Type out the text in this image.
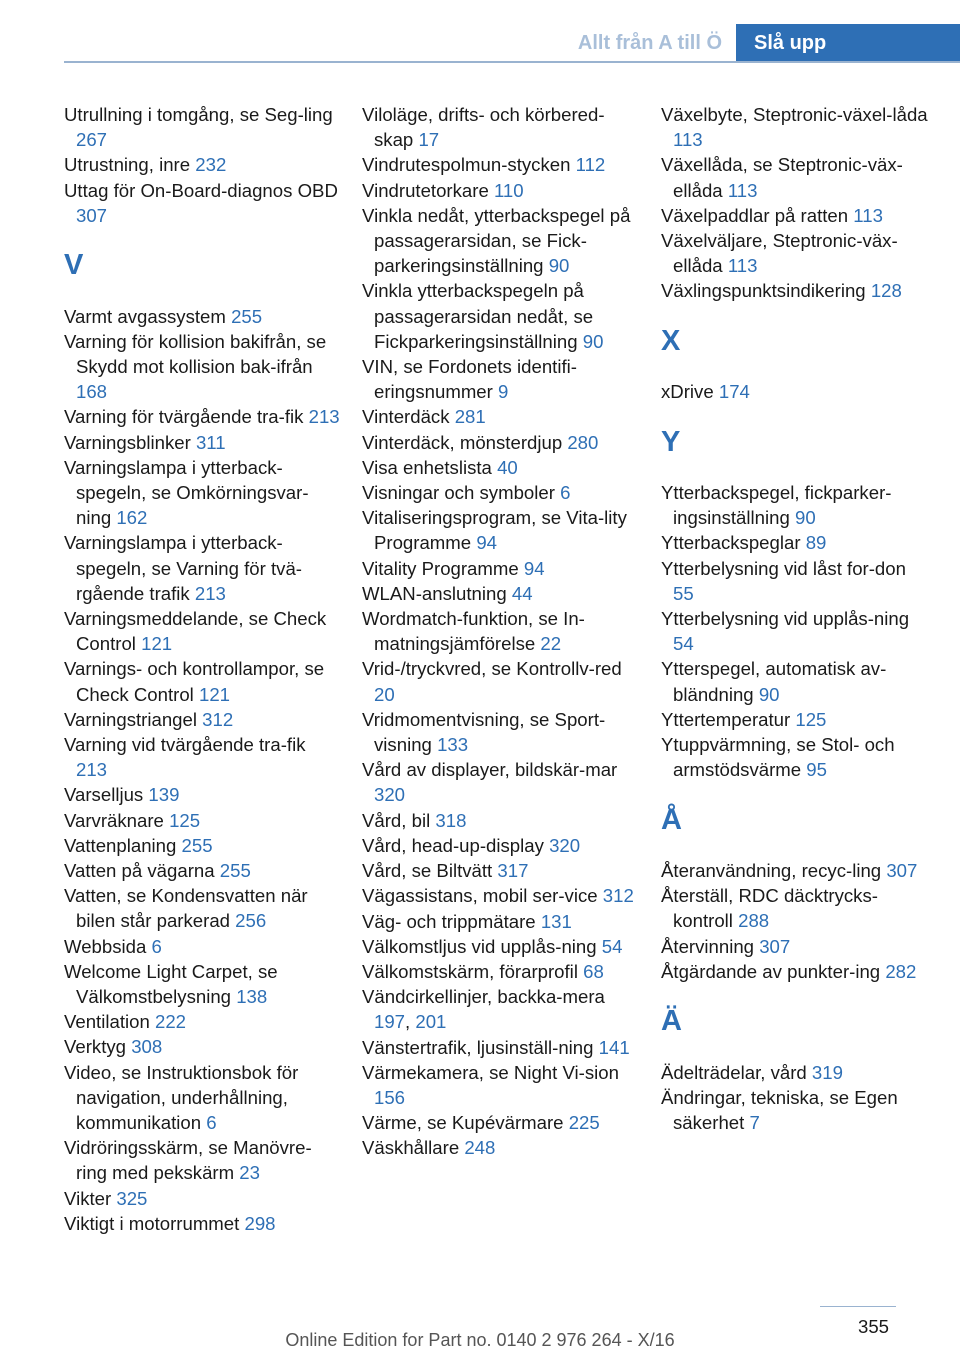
Allt från A till Ö	Slå upp
Utrullning i tomgång, se Seg‐ling 267
Utrustning, inre 232
Uttag för On-Board-diagnos OBD 307
V
Varmt avgassystem 255
Varning för kollision bakifrån, se Skydd mot kollision bak‐ifrån 168
Varning för tvärgående tra‐fik 213
Varningsblinker 311
Varningslampa i ytterback‐spegeln, se Omkörningsvar‐ning 162
Varningslampa i ytterback‐spegeln, se Varning för tvä‐rgående trafik 213
Varningsmeddelande, se Check Control 121
Varnings- och kontrollampor, se Check Control 121
Varningstriangel 312
Varning vid tvärgående tra‐fik 213
Varselljus 139
Varvräknare 125
Vattenplaning 255
Vatten på vägarna 255
Vatten, se Kondensvatten när bilen står parkerad 256
Webbsida 6
Welcome Light Carpet, se Välkomstbelysning 138
Ventilation 222
Verktyg 308
Video, se Instruktionsbok för navigation, underhållning, kommunikation 6
Vidröringsskärm, se Manövre‐ring med pekskärm 23
Vikter 325
Viktigt i motorrummet 298
Viloläge, drifts- och körbered‐skap 17
Vindrutespolmun‐stycken 112
Vindrutetorkare 110
Vinkla nedåt, ytterbackspegel på passagerarsidan, se Fick‐parkeringsinställning 90
Vinkla ytterbackspegeln på passagerarsidan nedåt, se Fickparkeringsinställning 90
VIN, se Fordonets identifi‐eringsnummer 9
Vinterdäck 281
Vinterdäck, mönsterdjup 280
Visa enhetslista 40
Visningar och symboler 6
Vitaliseringsprogram, se Vita‐lity Programme 94
Vitality Programme 94
WLAN-anslutning 44
Wordmatch-funktion, se In‐matningsjämförelse 22
Vrid-/tryckvred, se Kontrollv‐red 20
Vridmomentvisning, se Sport‐visning 133
Vård av displayer, bildskär‐mar 320
Vård, bil 318
Vård, head-up-display 320
Vård, se Biltvätt 317
Vägassistans, mobil ser‐vice 312
Väg- och trippmätare 131
Välkomstljus vid upplås‐ning 54
Välkomstskärm, förarprofil 68
Vändcirkellinjer, backka‐mera 197, 201
Vänstertrafik, ljusinställ‐ning 141
Värmekamera, se Night Vi‐sion 156
Värme, se Kupévärmare 225
Väskhållare 248
Växelbyte, Steptronic-växel‐låda 113
Växellåda, se Steptronic-väx‐ellåda 113
Växelpaddlar på ratten 113
Växelväljare, Steptronic-väx‐ellåda 113
Växlingspunktsindikering 128
X
xDrive 174
Y
Ytterbackspegel, fickparker‐ingsinställning 90
Ytterbackspeglar 89
Ytterbelysning vid låst for‐don 55
Ytterbelysning vid upplås‐ning 54
Ytterspegel, automatisk av‐bländning 90
Yttertemperatur 125
Ytuppvärmning, se Stol- och armstödsvärme 95
Å
Återanvändning, recyc‐ling 307
Återställ, RDC däcktrycks‐kontroll 288
Återvinning 307
Åtgärdande av punkter‐ing 282
Ä
Ädelträdelar, vård 319
Ändringar, tekniska, se Egen säkerhet 7
355
Online Edition for Part no. 0140 2 976 264 - X/16
